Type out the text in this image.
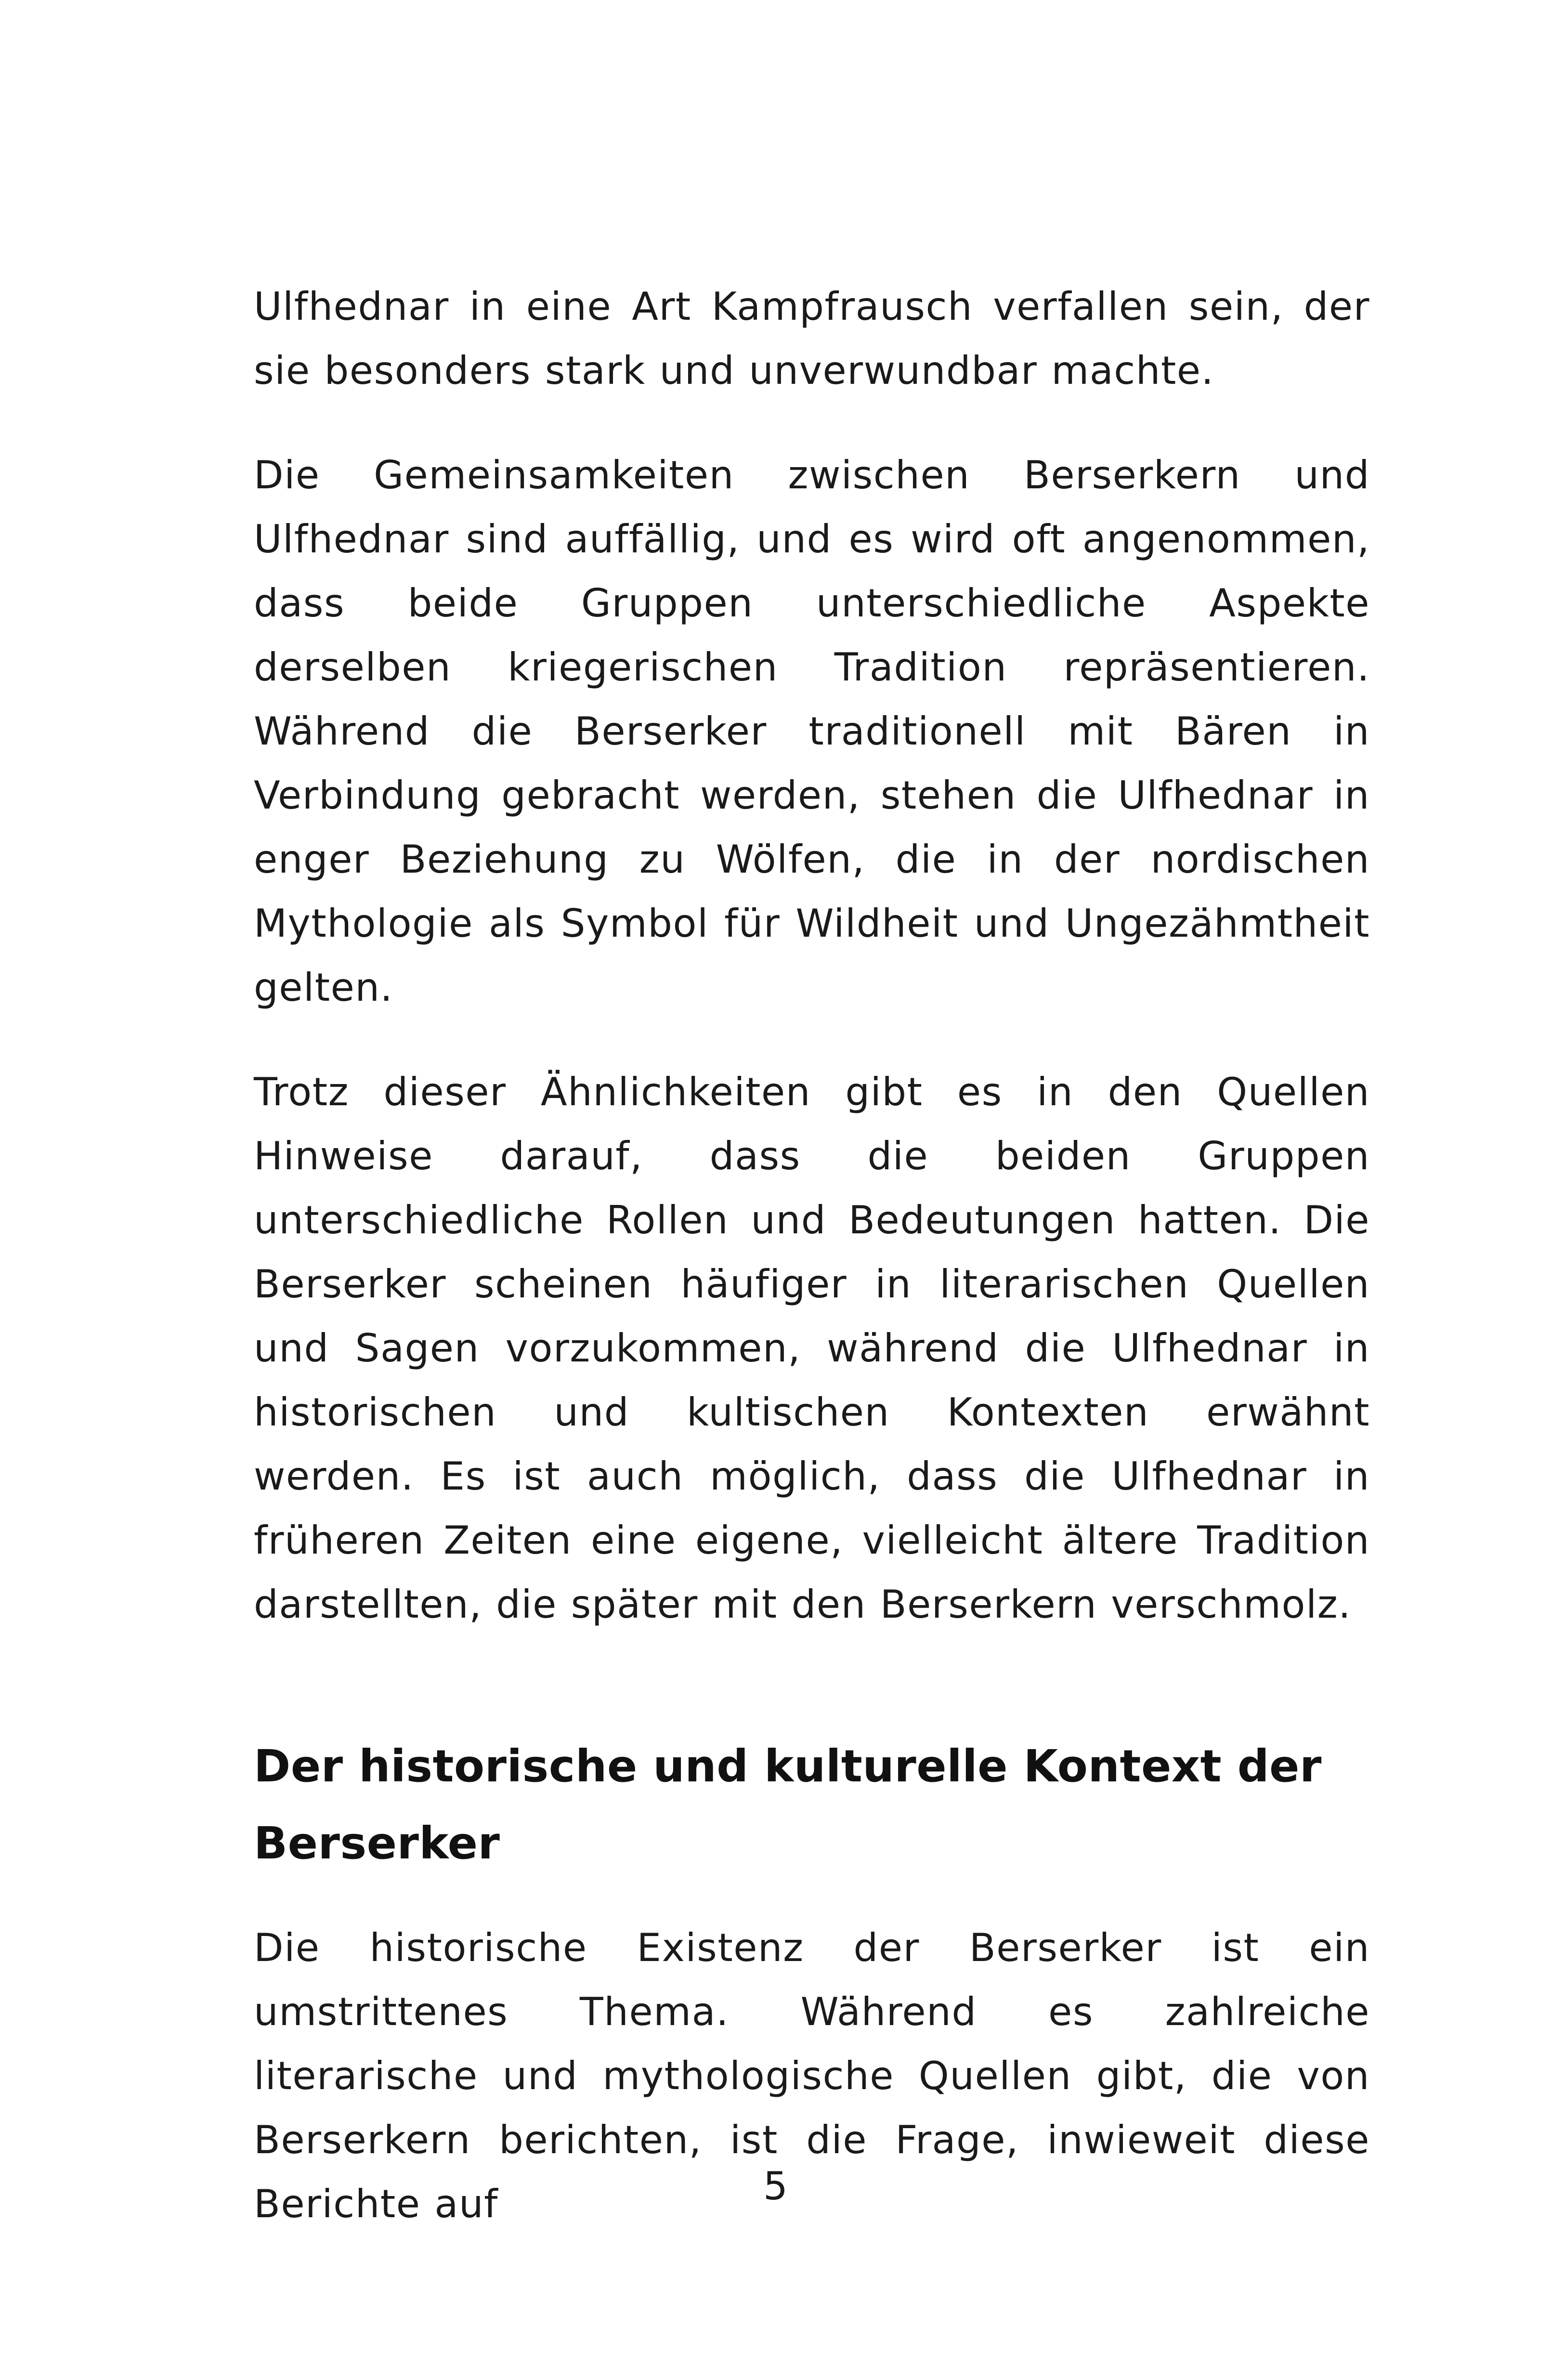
Ulfhednar in eine Art Kampfrausch verfallen sein, der sie besonders stark und unverwundbar machte.

Die Gemeinsamkeiten zwischen Berserkern und Ulfhednar sind auffällig, und es wird oft angenommen, dass beide Gruppen unterschiedliche Aspekte derselben kriegerischen Tradition repräsentieren. Während die Berserker traditionell mit Bären in Verbindung gebracht werden, stehen die Ulfhednar in enger Beziehung zu Wölfen, die in der nordischen Mythologie als Symbol für Wildheit und Ungezähmtheit gelten.

Trotz dieser Ähnlichkeiten gibt es in den Quellen Hinweise darauf, dass die beiden Gruppen unterschiedliche Rollen und Bedeutungen hatten. Die Berserker scheinen häufiger in literarischen Quellen und Sagen vorzukommen, während die Ulfhednar in historischen und kultischen Kontexten erwähnt werden. Es ist auch möglich, dass die Ulfhednar in früheren Zeiten eine eigene, vielleicht ältere Tradition darstellten, die später mit den Berserkern verschmolz.

Der historische und kulturelle Kontext der Berserker

Die historische Existenz der Berserker ist ein umstrittenes Thema. Während es zahlreiche literarische und mythologische Quellen gibt, die von Berserkern berichten, ist die Frage, inwieweit diese Berichte auf	5
